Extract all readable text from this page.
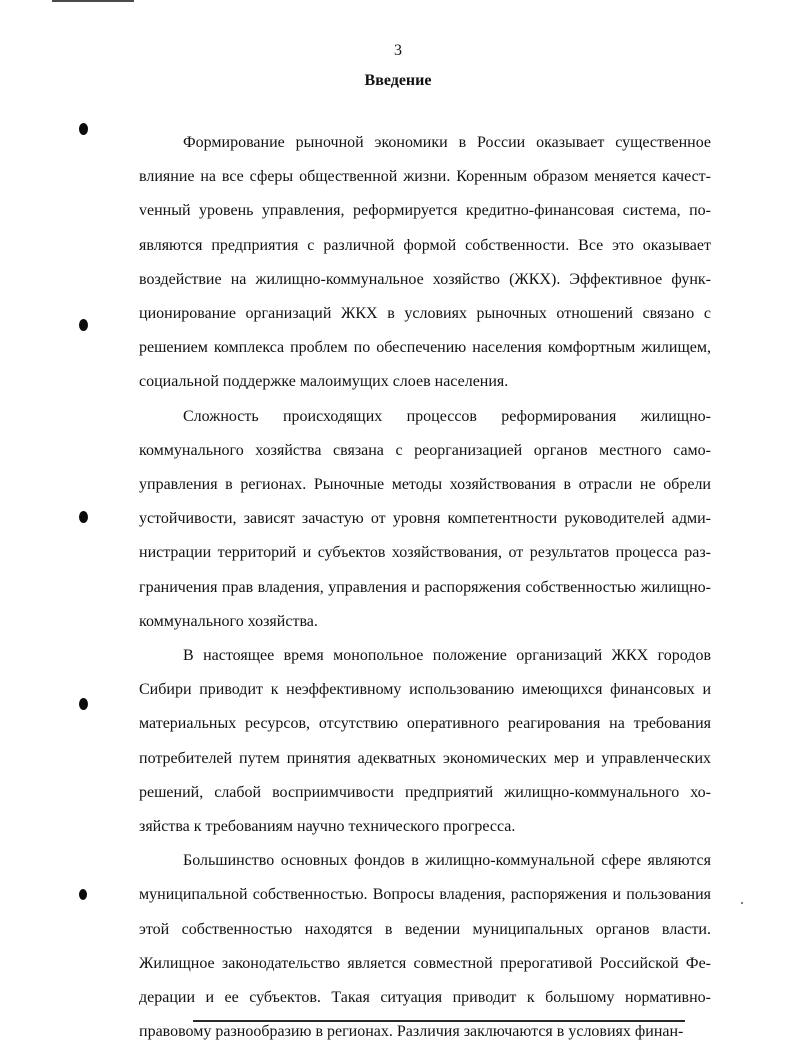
3
Введение

Формирование рыночной экономики в России оказывает существенное влияние на все сферы общественной жизни. Коренным образом меняется качестvенный уровень управления, реформируется кредитно-финансовая система, появляются предприятия с различной формой собственности. Все это оказывает воздействие на жилищно-коммунальное хозяйство (ЖКХ). Эффективное функционирование организаций ЖКХ в условиях рыночных отношений связано с решением комплекса проблем по обеспечению населения комфортным жилищем, социальной поддержке малоимущих слоев населения.

Сложность происходящих процессов реформирования жилищно-коммунального хозяйства связана с реорганизацией органов местного самоуправления в регионах. Рыночные методы хозяйствования в отрасли не обрели устойчивости, зависят зачастую от уровня компетентности руководителей администрации территорий и субъектов хозяйствования, от результатов процесса разграничения прав владения, управления и распоряжения собственностью жилищно-коммунального хозяйства.

В настоящее время монопольное положение организаций ЖКХ городов Сибири приводит к неэффективному использованию имеющихся финансовых и материальных ресурсов, отсутствию оперативного реагирования на требования потребителей путем принятия адекватных экономических мер и управленческих решений, слабой восприимчивости предприятий жилищно-коммунального хозяйства к требованиям научно технического прогресса.

Большинство основных фондов в жилищно-коммунальной сфере являются муниципальной собственностью. Вопросы владения, распоряжения и пользования этой собственностью находятся в ведении муниципальных органов власти. Жилищное законодательство является совместной прерогативой Российской Федерации и ее субъектов. Такая ситуация приводит к большому нормативно-правовому разнообразию в регионах. Различия заключаются в условиях финан-
